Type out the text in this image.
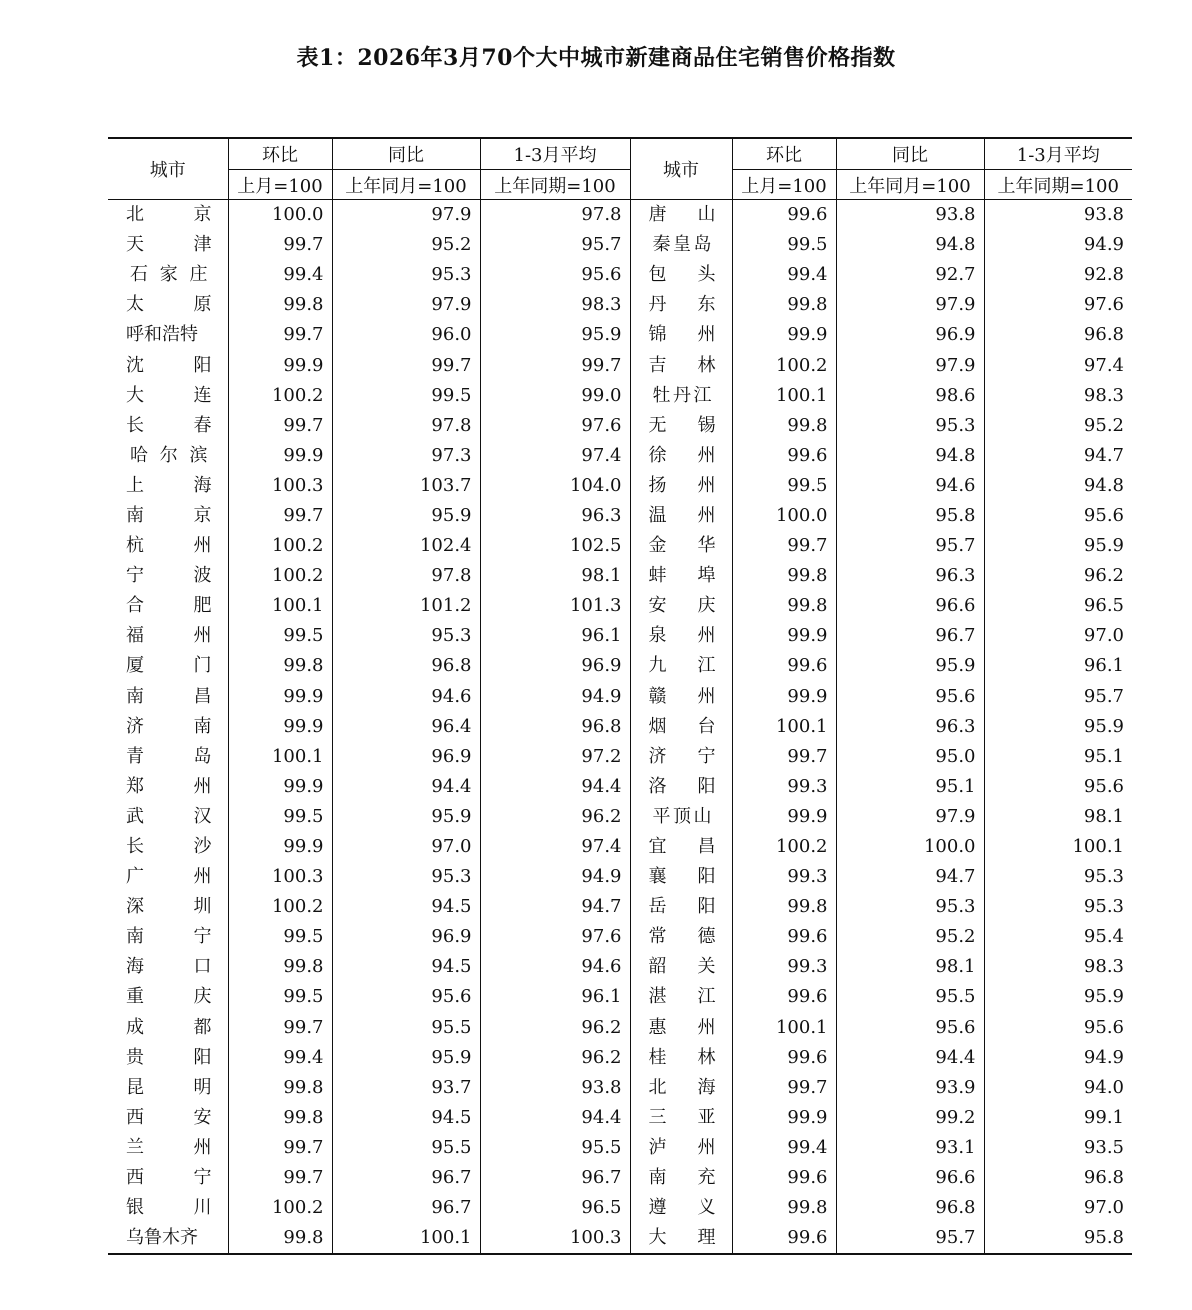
表1：2026年3月70个大中城市新建商品住宅销售价格指数
城市	环比	同比	1-3月平均	城市	环比	同比	1-3月平均
	上月=100	上年同月=100	上年同期=100		上月=100	上年同月=100	上年同期=100

北 京	100.0	97.9	97.8	唐 山	99.6	93.8	93.8

天 津	99.7	95.2	95.7	秦 皇 岛	99.5	94.8	94.9

石 家 庄	99.4	95.3	95.6	包 头	99.4	92.7	92.8

太 原	99.8	97.9	98.3	丹 东	99.8	97.9	97.6

呼 和 浩 特	99.7	96.0	95.9	锦 州	99.9	96.9	96.8

沈 阳	99.9	99.7	99.7	吉 林	100.2	97.9	97.4

大 连	100.2	99.5	99.0	牡 丹 江	100.1	98.6	98.3

长 春	99.7	97.8	97.6	无 锡	99.8	95.3	95.2

哈 尔 滨	99.9	97.3	97.4	徐 州	99.6	94.8	94.7

上 海	100.3	103.7	104.0	扬 州	99.5	94.6	94.8

南 京	99.7	95.9	96.3	温 州	100.0	95.8	95.6

杭 州	100.2	102.4	102.5	金 华	99.7	95.7	95.9

宁 波	100.2	97.8	98.1	蚌 埠	99.8	96.3	96.2

合 肥	100.1	101.2	101.3	安 庆	99.8	96.6	96.5

福 州	99.5	95.3	96.1	泉 州	99.9	96.7	97.0

厦 门	99.8	96.8	96.9	九 江	99.6	95.9	96.1

南 昌	99.9	94.6	94.9	赣 州	99.9	95.6	95.7

济 南	99.9	96.4	96.8	烟 台	100.1	96.3	95.9

青 岛	100.1	96.9	97.2	济 宁	99.7	95.0	95.1

郑 州	99.9	94.4	94.4	洛 阳	99.3	95.1	95.6

武 汉	99.5	95.9	96.2	平 顶 山	99.9	97.9	98.1

长 沙	99.9	97.0	97.4	宜 昌	100.2	100.0	100.1

广 州	100.3	95.3	94.9	襄 阳	99.3	94.7	95.3

深 圳	100.2	94.5	94.7	岳 阳	99.8	95.3	95.3

南 宁	99.5	96.9	97.6	常 德	99.6	95.2	95.4

海 口	99.8	94.5	94.6	韶 关	99.3	98.1	98.3

重 庆	99.5	95.6	96.1	湛 江	99.6	95.5	95.9

成 都	99.7	95.5	96.2	惠 州	100.1	95.6	95.6

贵 阳	99.4	95.9	96.2	桂 林	99.6	94.4	94.9

昆 明	99.8	93.7	93.8	北 海	99.7	93.9	94.0

西 安	99.8	94.5	94.4	三 亚	99.9	99.2	99.1

兰 州	99.7	95.5	95.5	泸 州	99.4	93.1	93.5

西 宁	99.7	96.7	96.7	南 充	99.6	96.6	96.8

银 川	100.2	96.7	96.5	遵 义	99.8	96.8	97.0

乌 鲁 木 齐	99.8	100.1	100.3	大 理	99.6	95.7	95.8
